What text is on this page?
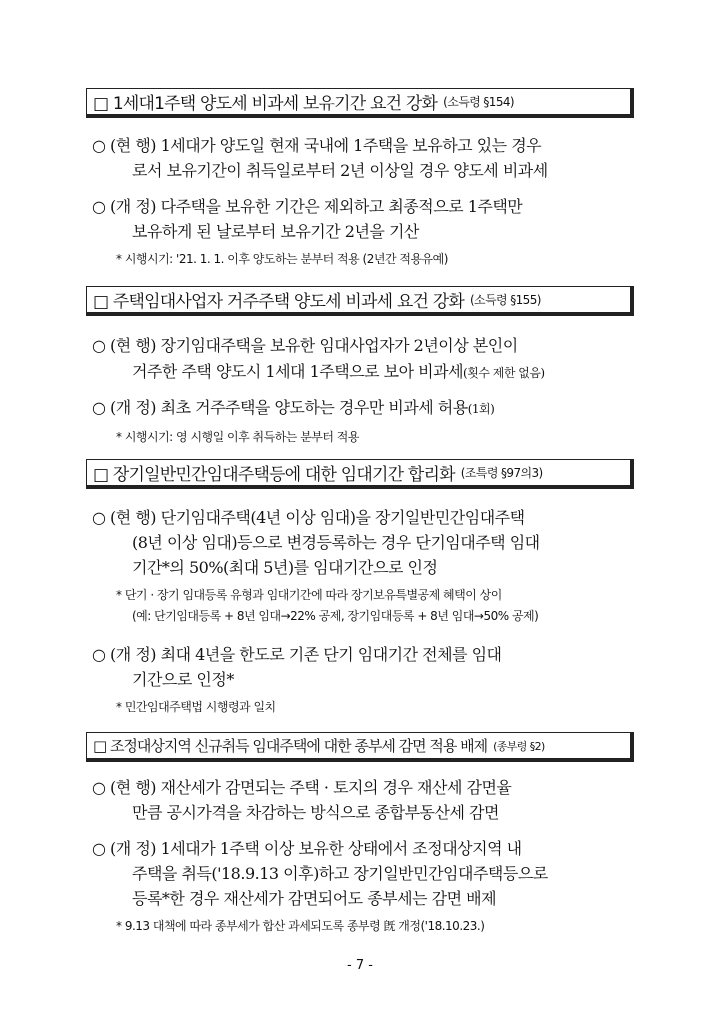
□ 1세대1주택 양도세 비과세 보유기간 요건 강화 (소득령 §154)
○ (현 행) 1세대가 양도일 현재 국내에 1주택을 보유하고 있는 경우
로서 보유기간이 취득일로부터 2년 이상일 경우 양도세 비과세
○ (개 정) 다주택을 보유한 기간은 제외하고 최종적으로 1주택만
보유하게 된 날로부터 보유기간 2년을 기산
* 시행시기: '21. 1. 1. 이후 양도하는 분부터 적용 (2년간 적용유예)
□ 주택임대사업자 거주주택 양도세 비과세 요건 강화 (소득령 §155)
○ (현 행) 장기임대주택을 보유한 임대사업자가 2년이상 본인이
거주한 주택 양도시 1세대 1주택으로 보아 비과세(횟수 제한 없음)
○ (개 정) 최초 거주주택을 양도하는 경우만 비과세 허용(1회)
* 시행시기: 영 시행일 이후 취득하는 분부터 적용
□ 장기일반민간임대주택등에 대한 임대기간 합리화 (조특령 §97의3)
○ (현 행) 단기임대주택(4년 이상 임대)을 장기일반민간임대주택
(8년 이상 임대)등으로 변경등록하는 경우 단기임대주택 임대
기간*의 50%(최대 5년)를 임대기간으로 인정
* 단기 · 장기 임대등록 유형과 임대기간에 따라 장기보유특별공제 혜택이 상이
(예: 단기임대등록 + 8년 임대→22% 공제, 장기임대등록 + 8년 임대→50% 공제)
○ (개 정) 최대 4년을 한도로 기존 단기 임대기간 전체를 임대
기간으로 인정*
* 민간임대주택법 시행령과 일치
□ 조정대상지역 신규취득 임대주택에 대한 종부세 감면 적용 배제 (종부령 §2)
○ (현 행) 재산세가 감면되는 주택 · 토지의 경우 재산세 감면율
만큼 공시가격을 차감하는 방식으로 종합부동산세 감면
○ (개 정) 1세대가 1주택 이상 보유한 상태에서 조정대상지역 내
주택을 취득('18.9.13 이후)하고 장기일반민간임대주택등으로
등록*한 경우 재산세가 감면되어도 종부세는 감면 배제
* 9.13 대책에 따라 종부세가 합산 과세되도록 종부령 旣 개정('18.10.23.)
- 7 -
